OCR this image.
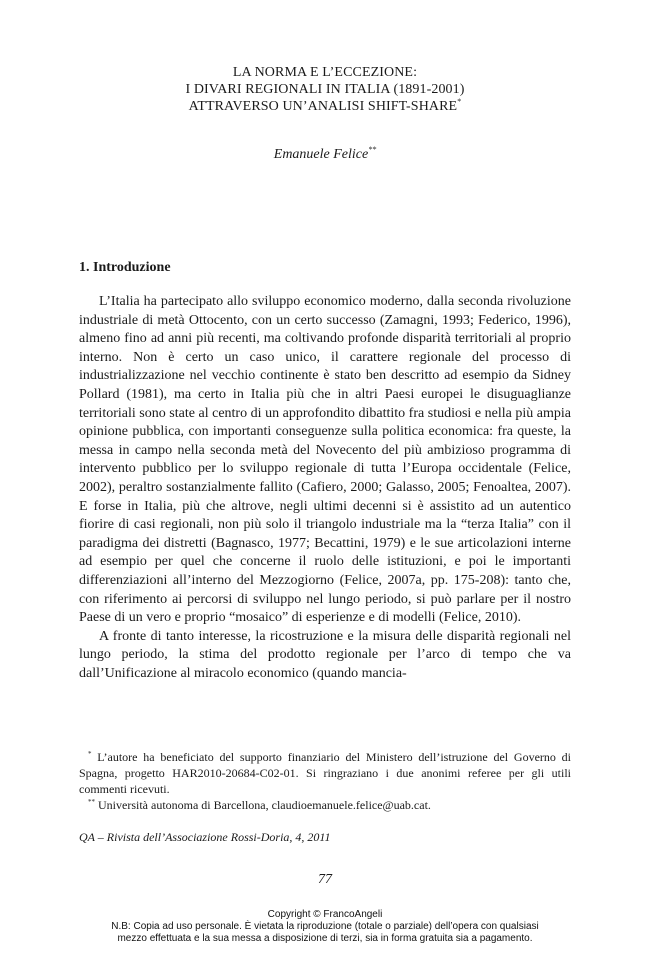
LA NORMA E L’ECCEZIONE:
I DIVARI REGIONALI IN ITALIA (1891-2001)
ATTRAVERSO UN’ANALISI SHIFT-SHARE*
Emanuele Felice**
1. Introduzione

L’Italia ha partecipato allo sviluppo economico moderno, dalla seconda rivoluzione industriale di metà Ottocento, con un certo successo (Zamagni, 1993; Federico, 1996), almeno fino ad anni più recenti, ma coltivando profonde disparità territoriali al proprio interno. Non è certo un caso unico, il carattere regionale del processo di industrializzazione nel vecchio continente è stato ben descritto ad esempio da Sidney Pollard (1981), ma certo in Italia più che in altri Paesi europei le disuguaglianze territoriali sono state al centro di un approfondito dibattito fra studiosi e nella più ampia opinione pubblica, con importanti conseguenze sulla politica economica: fra queste, la messa in campo nella seconda metà del Novecento del più ambizioso programma di intervento pubblico per lo sviluppo regionale di tutta l’Europa occidentale (Felice, 2002), peraltro sostanzialmente fallito (Cafiero, 2000; Galasso, 2005; Fenoaltea, 2007). E forse in Italia, più che altrove, negli ultimi decenni si è assistito ad un autentico fiorire di casi regionali, non più solo il triangolo industriale ma la “terza Italia” con il paradigma dei distretti (Bagnasco, 1977; Becattini, 1979) e le sue articolazioni interne ad esempio per quel che concerne il ruolo delle istituzioni, e poi le importanti differenziazioni all’interno del Mezzogiorno (Felice, 2007a, pp. 175-208): tanto che, con riferimento ai percorsi di sviluppo nel lungo periodo, si può parlare per il nostro Paese di un vero e proprio “mosaico” di esperienze e di modelli (Felice, 2010).

A fronte di tanto interesse, la ricostruzione e la misura delle disparità regionali nel lungo periodo, la stima del prodotto regionale per l’arco di tempo che va dall’Unificazione al miracolo economico (quando mancia-

* L’autore ha beneficiato del supporto finanziario del Ministero dell’istruzione del Governo di Spagna, progetto HAR2010-20684-C02-01. Si ringraziano i due anonimi referee per gli utili commenti ricevuti.

** Università autonoma di Barcellona, claudioemanuele.felice@uab.cat.

QA – Rivista dell’Associazione Rossi-Doria, 4, 2011
77
Copyright © FrancoAngeli
N.B: Copia ad uso personale. È vietata la riproduzione (totale o parziale) dell’opera con qualsiasi
mezzo effettuata e la sua messa a disposizione di terzi, sia in forma gratuita sia a pagamento.
